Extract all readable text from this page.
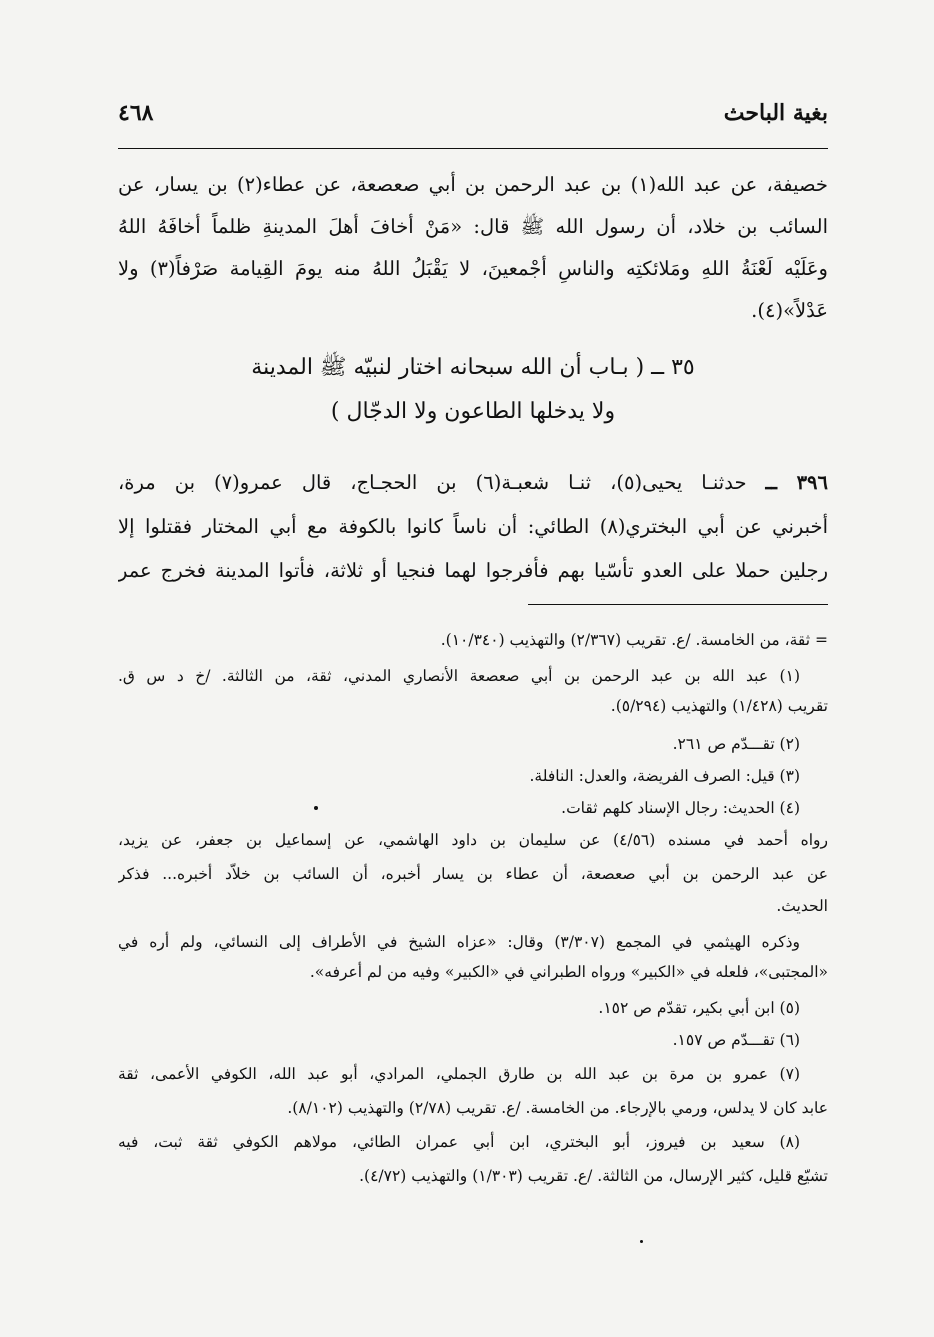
بغية الباحث
٤٦٨
خصيفة، عن عبد الله(١) بن عبد الرحمن بن أبي صعصعة، عن عطاء(٢) بن يسار، عن
السائب بن خلاد، أن رسول الله ﷺ قال: «مَنْ أخافَ أهلَ المدينةِ ظلماً أخافَهُ اللهُ
وعَلَيْه لَعْنَةُ اللهِ ومَلائكتِه والناسِ أجْمعينَ، لا يَقْبَلُ اللهُ منه يومَ القِيامة صَرْفاً(٣) ولا
عَدْلاً»(٤).
٣٥ ــ ( بـاب أن الله سبحانه اختار لنبيّه ﷺ المدينة
ولا يدخلها الطاعون ولا الدجّال )
٣٩٦ ــ حدثنـا يحيى(٥)، ثنـا شعبـة(٦) بن الحجـاج، قال عمرو(٧) بن مرة،
أخبرني عن أبي البختري(٨) الطائي: أن ناساً كانوا بالكوفة مع أبي المختار فقتلوا إلا
رجلين حملا على العدو تأسّيا بهم فأفرجوا لهما فنجيا أو ثلاثة، فأتوا المدينة فخرج عمر
= ثقة، من الخامسة. /ع. تقريب (٢/٣٦٧) والتهذيب (١٠/٣٤٠).
(١) عبد الله بن عبد الرحمن بن أبي صعصعة الأنصاري المدني، ثقة، من الثالثة. /خ د س ق.
تقريب (١/٤٢٨) والتهذيب (٥/٢٩٤).
(٢) تقـــدّم ص ٢٦١.
(٣) قيل: الصرف الفريضة، والعدل: النافلة.
(٤) الحديث: رجال الإسناد كلهم ثقات.
رواه أحمد في مسنده (٤/٥٦) عن سليمان بن داود الهاشمي، عن إسماعيل بن جعفر، عن يزيد،
عن عبد الرحمن بن أبي صعصعة، أن عطاء بن يسار أخبره، أن السائب بن خلاّد أخبره... فذكر
الحديث.
وذكره الهيثمي في المجمع (٣/٣٠٧) وقال: «عزاه الشيخ في الأطراف إلى النسائي، ولم أره في
«المجتبى»، فلعله في «الكبير» ورواه الطبراني في «الكبير» وفيه من لم أعرفه».
(٥) ابن أبي بكير، تقدّم ص ١٥٢.
(٦) تقـــدّم ص ١٥٧.
(٧) عمرو بن مرة بن عبد الله بن طارق الجملي، المرادي، أبو عبد الله، الكوفي الأعمى، ثقة
عابد كان لا يدلس، ورمي بالإرجاء. من الخامسة. /ع. تقريب (٢/٧٨) والتهذيب (٨/١٠٢).
(٨) سعيد بن فيروز، أبو البختري، ابن أبي عمران الطائي، مولاهم الكوفي ثقة ثبت، فيه
تشيّع قليل، كثير الإرسال، من الثالثة. /ع. تقريب (١/٣٠٣) والتهذيب (٤/٧٢).
